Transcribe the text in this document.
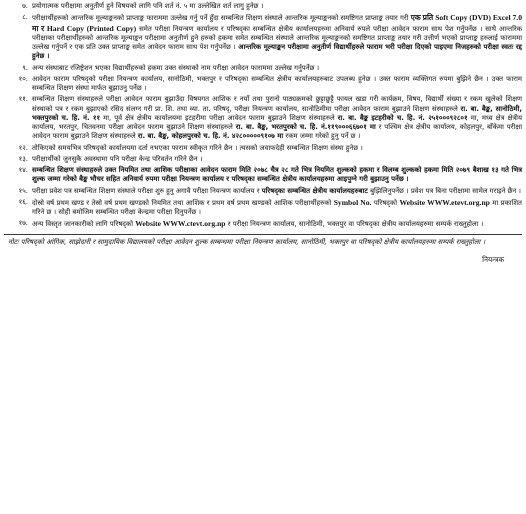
७. प्रयोगात्मक परीक्षामा अनुतीर्ण हुने विषयको लागि पनि शर्त नं. ५ मा उल्लेखित शर्त लागु हुनेछ ।
८. परीक्षार्थीहरुको आन्तरिक मूल्याङ्कनको प्राप्ताङ्क फाराममा उल्लेख गर्नु पर्ने हुँदा सम्बन्धित शिक्षण संस्थाले आन्तरिक मूल्याङ्कनको समष्टिगत प्राप्ताङ्क तयार गरी एक प्रति Soft Copy (DVD) Excel 7.0 मा र Hard Copy (Printed Copy) समेत परीक्षा नियन्त्रण कार्यालय र परिषद्का सम्बन्धित क्षेत्रीय कार्यालयहरुमा अनिवार्य रुपले परीक्षा आवेदन फाराम साथ पेश गर्नुपर्नेछ । साथै आन्तरिक परीक्षाका परीक्षार्थीहरुको आन्तरिक मूल्याङ्कन परीक्षामा अनुतीर्ण हुने हरुको हकमा समेत सम्बन्धित संस्थाले आन्तरिक मूल्याङ्कनको समष्टिगत प्राप्ताङ्क तयार गरी उत्तीर्ण भएको प्राप्ताङ्क हरुलाई फाराममा उल्लेख गर्नुपर्ने र एक प्रति उक्त प्राप्ताङ्क समेत आवेदन फाराम साथ पेश गर्नुपर्नेछ । आन्तरिक मूल्याङ्कन परीक्षामा अनुतीर्ण विद्यार्थीहरुले फाराम भरी परीक्षा दिएको पाइएमा निजहरुको परीक्षा स्वतः रद्द हुनेछ ।
९. अन्य संस्थाबाट रजिष्ट्रेशन भएका विद्यार्थीहरुको हकमा उक्त संस्थाको नाम परीक्षा आवेदन फाराममा उल्लेख गर्नुपर्नेछ ।
१०. आवेदन फाराम परिषद्को परीक्षा नियन्त्रण कार्यालय, सानोठिमी, भक्तपुर र परिषद्का सम्बन्धित क्षेत्रीय कार्यालयहरुबाट उपलब्ध हुनेछ । उक्त फाराम व्यक्तिगत रुपमा बुझिने छैन । उक्त फाराम सम्बन्धित शिक्षण संस्था मार्फत बुझाउनु पर्नेछ ।
११. सम्बन्धित शिक्षण संस्थाहरुले परीक्षा आवेदन फाराम बुझाउँदा विषयगत आशिक र नयाँ तथा पुरानो पाठ्यक्रमको छुट्टाछुट्टै फायल खडा गरी कार्यक्रम, विषय, विद्यार्थी संख्या र रकम खुलेको शिक्षण संस्थाको पत्र र रकम बुझाएको रसिद संलग्न गरी प्रा. शि. तथा व्या. ता. परिषद्, परीक्षा नियन्त्रण कार्यालय, सानोठिमीमा परीक्षा आवेदन फाराम बुझाउने शिक्षण संस्थाहरुले रा. बा. बैङ्क, सानोठिमी, भक्तपुरको च. हि. नं. ११ मा, पूर्व क्षेत्र क्षेत्रीय कार्यालयमा इटहरीमा परीक्षा आवेदन फाराम बुझाउने शिक्षण संस्थाहरुले रा. बा. बैङ्क इटहरीको च. हि. नं. २५१०००९२८०१ मा, मध्य क्षेत्र क्षेत्रीय कार्यालय, भरतपुर, चितवनमा परीक्षा आवेदन फाराम बुझाउने शिक्षण संस्थाहरुले रा. बा. बैङ्क, भरतपुरको च. हि. नं.११९०००६६७०१ मा र पश्चिम क्षेत्र क्षेत्रीय कार्यालय, कोहलपुर, बाँकेमा परीक्षा आवेदन फाराम बुझाउने शिक्षण संस्थाहरुले रा. बा. बैङ्क, कोहलपुरको च. हि. नं. ४२८०००००९१०७ मा रकम जम्मा गरेको हुनु पर्ने छ ।
१२. तोकिएको समयभित्र परिषद्को कार्यालयमा दर्ता नभएका फाराम स्वीकृत गरिने छैन । त्यसको जवाफदेही सम्बन्धित शिक्षण संस्था हुनेछ ।
१३. परीक्षार्थीको जुनसुकै अवस्थामा पनि परीक्षा केन्द्र परिवर्तन गरिने छैन ।
१४. सम्बन्धित शिक्षण संस्थाहरुले उक्त नियमित तथा आशिक परीक्षाका आवेदन फाराम मिति २०७८ चैत्र २८ गते भित्र नियमित शुल्कको हकमा र विलम्ब शुल्कको हकमा मिति २०७९ बैशाख १३ गते भित्र शुल्क जम्मा गरेको बैङ्क भौचर सहित अनिवार्य रुपमा परीक्षा नियन्त्रण कार्यालय र परिषद्का सम्बन्धित क्षेत्रीय कार्यालयहरुमा आइपुग्ने गरी बुझाउनु पर्नेछ ।
१५. परीक्षा प्रवेश पत्र सम्बन्धित शिक्षण संस्थाले परीक्षा शुरु हुनु अगावै परीक्षा नियन्त्रण कार्यालय र परिषद्का सम्बन्धित क्षेत्रीय कार्यालयहरुबाट बुझिलिनुपर्नेछ । प्रवेश पत्र बिना परीक्षामा सामेल गराइने छैन ।
१६. दोस्रो वर्ष प्रथम खण्ड र तेस्रो वर्ष प्रथम खण्डको नियमित तथा आशिक र प्रथम वर्ष प्रथम खण्डको आशिक परीक्षार्थीहरुको Symbol No. परिषद्को Website WWW.etevt.org.np मा प्रकाशित गरिने छ । सोही बमोजिम सम्बन्धित परीक्षा केन्द्रमा परीक्षा दिनुपर्नेछ ।
१७. अन्य विस्तृत जानकारीको लागि परिषद्को Website WWW.ctevt.org.np र परीक्षा नियन्त्रण कार्यालय, सानोठिमी, भक्तपुर वा परिषद्का क्षेत्रीय कार्यालयहरुमा सम्पर्क राख्नुहोला ।
नोटः परिषद्को आंगिक, साझेदारी र सामुदायिक विद्यालयको परीक्षा आवेदन शुल्क सम्बन्धमा परीक्षा नियन्त्रण कार्यालय, सानोठिमी, भक्तपुर वा परिषद्को क्षेत्रीय कार्यालयहरुमा सम्पर्क राख्नुहोला ।
नियन्त्रक
